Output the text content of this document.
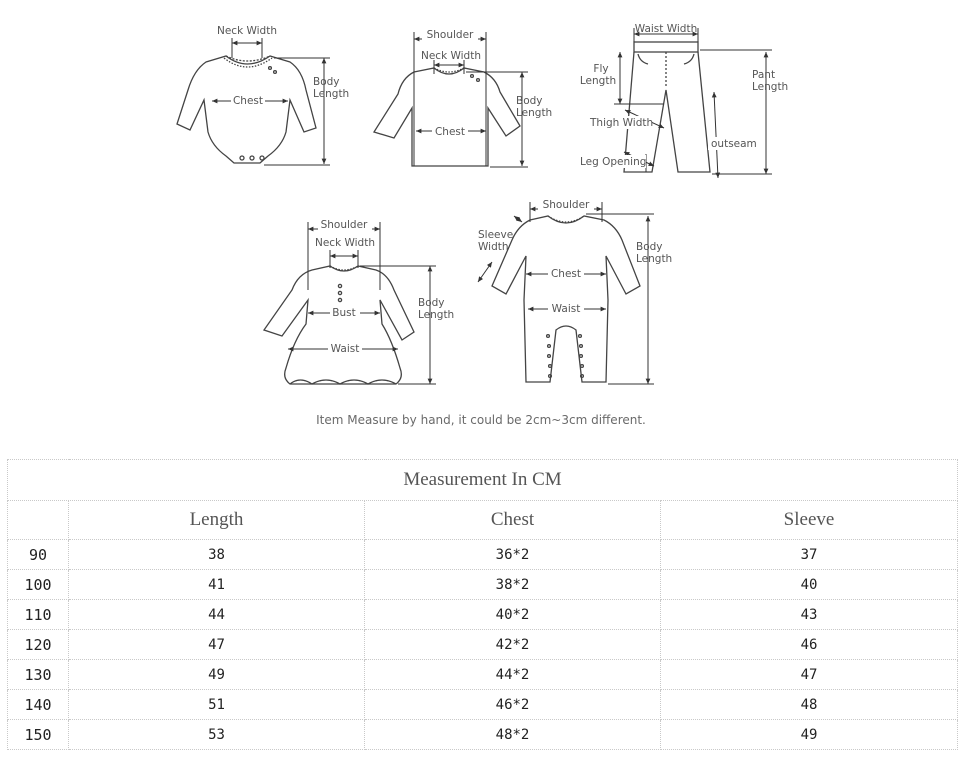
Neck Width
Chest
Body
Length
Shoulder
Neck Width
Chest
Body
Length
Waist Width
Fly
Length	Pant
Length
Thigh Width
outseam
Leg Opening
Shoulder
Neck Width
Bust
Waist
Body
Length
Shoulder
Sleeve
Width
Chest
Waist
Body
Length
Item Measure by hand, it could be 2cm~3cm different.
Measurement In CM			
	Length	Chest	Sleeve
90	38	36*2	37
100	41	38*2	40
110	44	40*2	43
120	47	42*2	46
130	49	44*2	47
140	51	46*2	48
150	53	48*2	49
